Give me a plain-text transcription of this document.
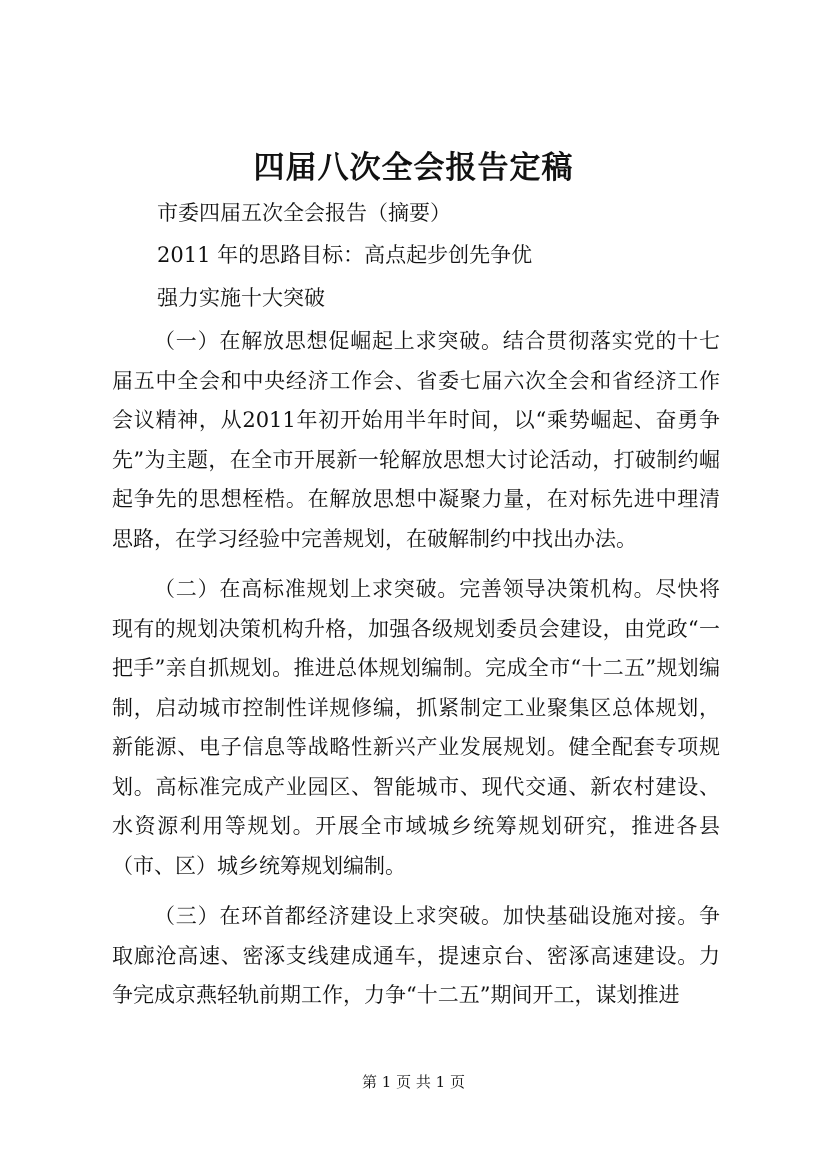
四届八次全会报告定稿
市委四届五次全会报告（摘要）
2011 年的思路目标：高点起步创先争优
强力实施十大突破
（一）在解放思想促崛起上求突破。结合贯彻落实党的十七届五中全会和中央经济工作会、省委七届六次全会和省经济工作会议精神，从2011年初开始用半年时间，以“乘势崛起、奋勇争先”为主题，在全市开展新一轮解放思想大讨论活动，打破制约崛起争先的思想桎梏。在解放思想中凝聚力量，在对标先进中理清思路，在学习经验中完善规划，在破解制约中找出办法。
（二）在高标准规划上求突破。完善领导决策机构。尽快将现有的规划决策机构升格，加强各级规划委员会建设，由党政“一把手”亲自抓规划。推进总体规划编制。完成全市“十二五”规划编制，启动城市控制性详规修编，抓紧制定工业聚集区总体规划，新能源、电子信息等战略性新兴产业发展规划。健全配套专项规划。高标准完成产业园区、智能城市、现代交通、新农村建设、水资源利用等规划。开展全市域城乡统筹规划研究，推进各县（市、区）城乡统筹规划编制。
（三）在环首都经济建设上求突破。加快基础设施对接。争取廊沧高速、密涿支线建成通车，提速京台、密涿高速建设。力争完成京燕轻轨前期工作，力争“十二五”期间开工，谋划推进
第 1 页 共 1 页
